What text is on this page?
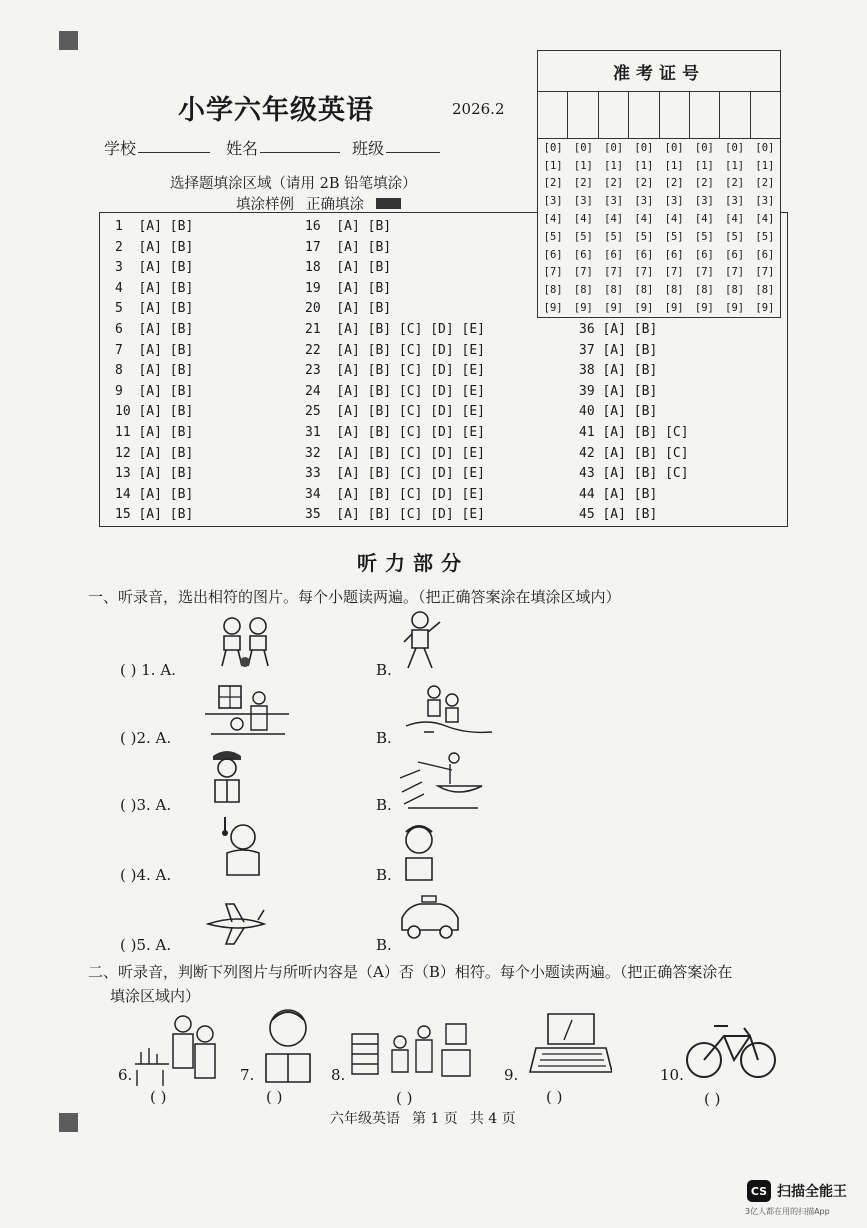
小学六年级英语	2026.2
学校	姓名	班级
选择题填涂区域（请用 2B 铅笔填涂）
填涂样例 正确填涂
1  [A] [B]
2  [A] [B]
3  [A] [B]
4  [A] [B]
5  [A] [B]
6  [A] [B]
7  [A] [B]
8  [A] [B]
9  [A] [B]
10 [A] [B]
11 [A] [B]
12 [A] [B]
13 [A] [B]
14 [A] [B]
15 [A] [B]
16  [A] [B]
17  [A] [B]
18  [A] [B]
19  [A] [B]
20  [A] [B]
21  [A] [B] [C] [D] [E]
22  [A] [B] [C] [D] [E]
23  [A] [B] [C] [D] [E]
24  [A] [B] [C] [D] [E]
25  [A] [B] [C] [D] [E]
31  [A] [B] [C] [D] [E]
32  [A] [B] [C] [D] [E]
33  [A] [B] [C] [D] [E]
34  [A] [B] [C] [D] [E]
35  [A] [B] [C] [D] [E]
36 [A] [B]
37 [A] [B]
38 [A] [B]
39 [A] [B]
40 [A] [B]
41 [A] [B] [C]
42 [A] [B] [C]
43 [A] [B] [C]
44 [A] [B]
45 [A] [B]
准考证号
[0]	[0]	[0]	[0]	[0]	[0]	[0]	[0]
[1]	[1]	[1]	[1]	[1]	[1]	[1]	[1]
[2]	[2]	[2]	[2]	[2]	[2]	[2]	[2]
[3]	[3]	[3]	[3]	[3]	[3]	[3]	[3]
[4]	[4]	[4]	[4]	[4]	[4]	[4]	[4]
[5]	[5]	[5]	[5]	[5]	[5]	[5]	[5]
[6]	[6]	[6]	[6]	[6]	[6]	[6]	[6]
[7]	[7]	[7]	[7]	[7]	[7]	[7]	[7]
[8]	[8]	[8]	[8]	[8]	[8]	[8]	[8]
[9]	[9]	[9]	[9]	[9]	[9]	[9]	[9]
听力部分
一、听录音，选出相符的图片。每个小题读两遍。（把正确答案涂在填涂区域内）
( ) 1. A.	B.
( )2. A.	B.
( )3. A.	B.
( )4. A.	B.
( )5. A.	B.
二、听录音，判断下列图片与所听内容是（A）否（B）相符。每个小题读两遍。（把正确答案涂在
填涂区域内）
6.	7.	8.	9.	10.
( )	( )	( )	( )	( )
六年级英语 第 1 页 共 4 页
CS 扫描全能王
3亿人都在用的扫描App
